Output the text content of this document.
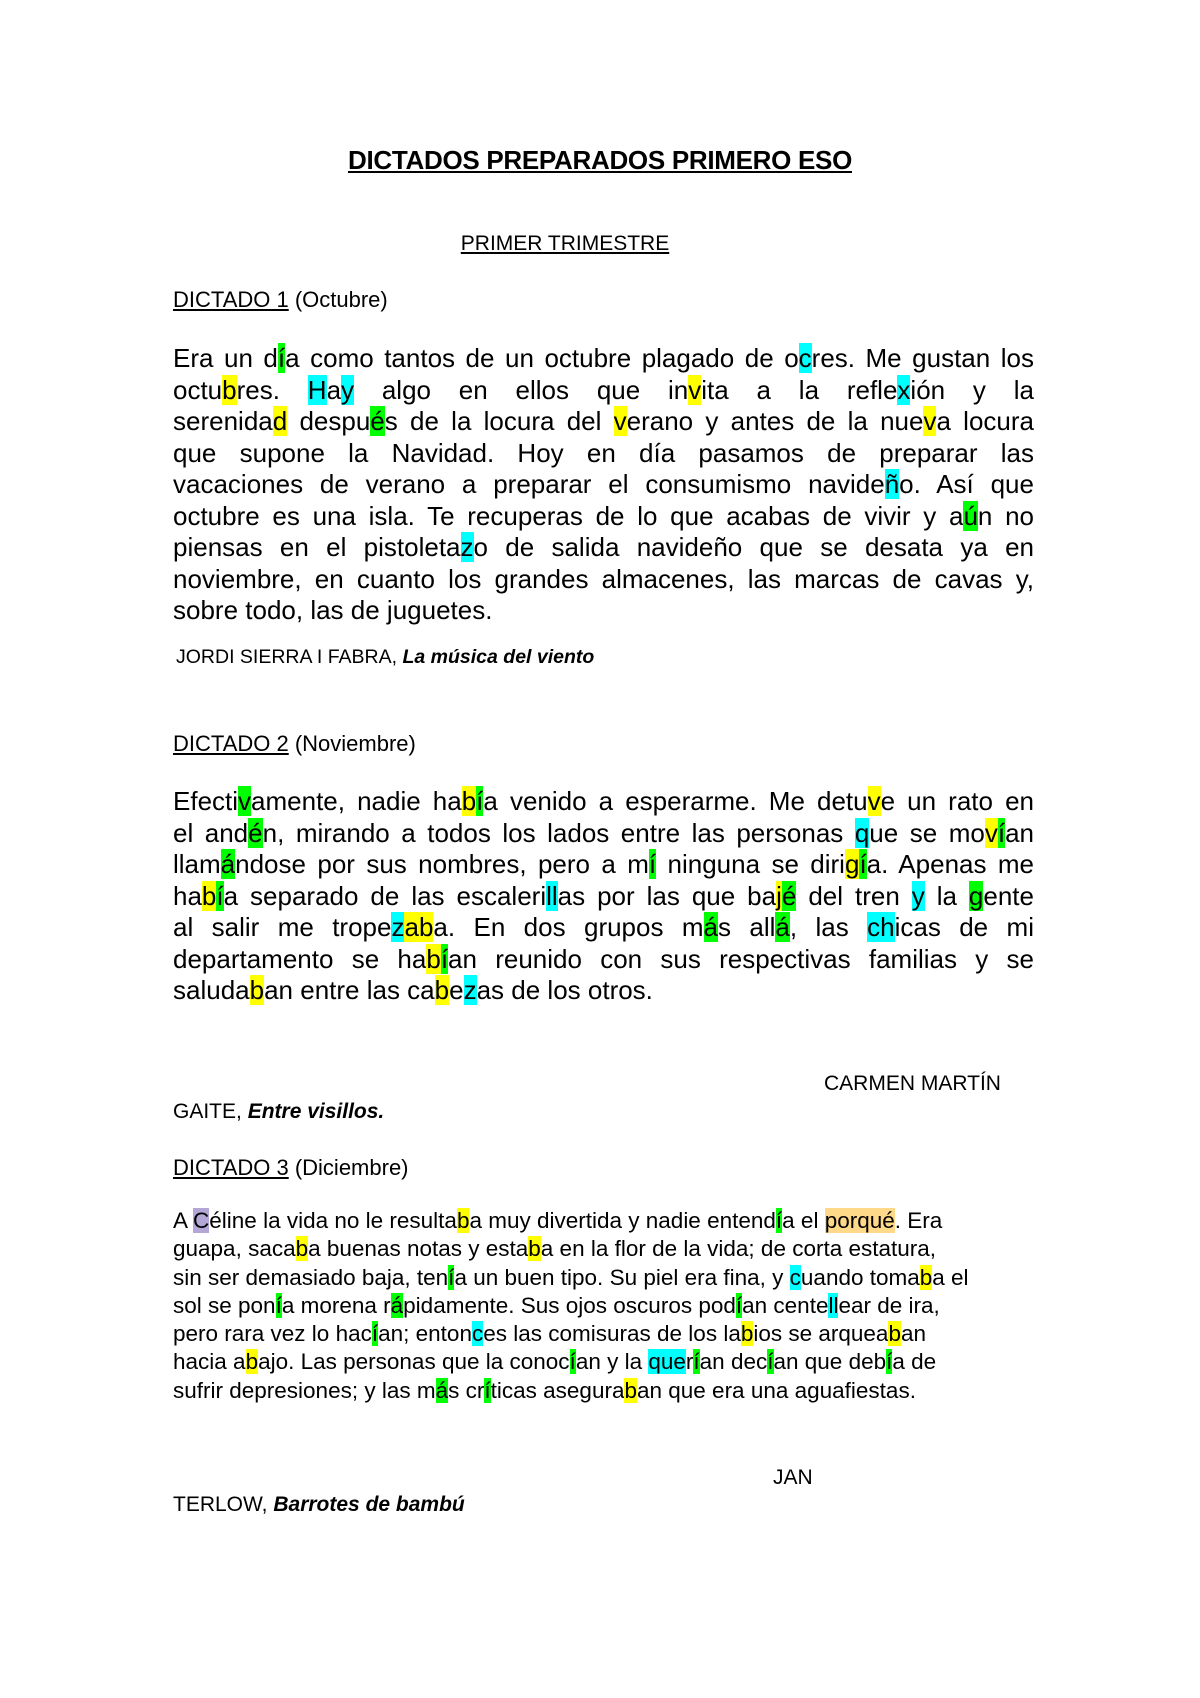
DICTADOS PREPARADOS PRIMERO ESO
PRIMER TRIMESTRE
DICTADO 1 (Octubre)
Era un día como tantos de un octubre plagado de ocres. Me gustan los
octubres. Hay algo en ellos que invita a la reflexión y la
serenidad después de la locura del verano y antes de la nueva locura
que supone la Navidad. Hoy en día pasamos de preparar las
vacaciones de verano a preparar el consumismo navideño. Así que
octubre es una isla. Te recuperas de lo que acabas de vivir y aún no
piensas en el pistoletazo de salida navideño que se desata ya en
noviembre, en cuanto los grandes almacenes, las marcas de cavas y,
sobre todo, las de juguetes.
JORDI SIERRA I FABRA, La música del viento
DICTADO 2 (Noviembre)
Efectivamente, nadie había venido a esperarme. Me detuve un rato en
el andén, mirando a todos los lados entre las personas que se movían
llamándose por sus nombres, pero a mí ninguna se dirigía. Apenas me
había separado de las escalerillas por las que bajé del tren y la gente
al salir me tropezaba. En dos grupos más allá, las chicas de mi
departamento se habían reunido con sus respectivas familias y se
saludaban entre las cabezas de los otros.
CARMEN MARTÍN
GAITE, Entre visillos.
DICTADO 3 (Diciembre)
A Céline la vida no le resultaba muy divertida y nadie entendía el porqué. Era
guapa, sacaba buenas notas y estaba en la flor de la vida; de corta estatura,
sin ser demasiado baja, tenía un buen tipo. Su piel era fina, y cuando tomaba el
sol se ponía morena rápidamente. Sus ojos oscuros podían centellear de ira,
pero rara vez lo hacían; entonces las comisuras de los labios se arqueaban
hacia abajo. Las personas que la conocían y la querían decían que debía de
sufrir depresiones; y las más críticas aseguraban que era una aguafiestas.
JAN
TERLOW, Barrotes de bambú
